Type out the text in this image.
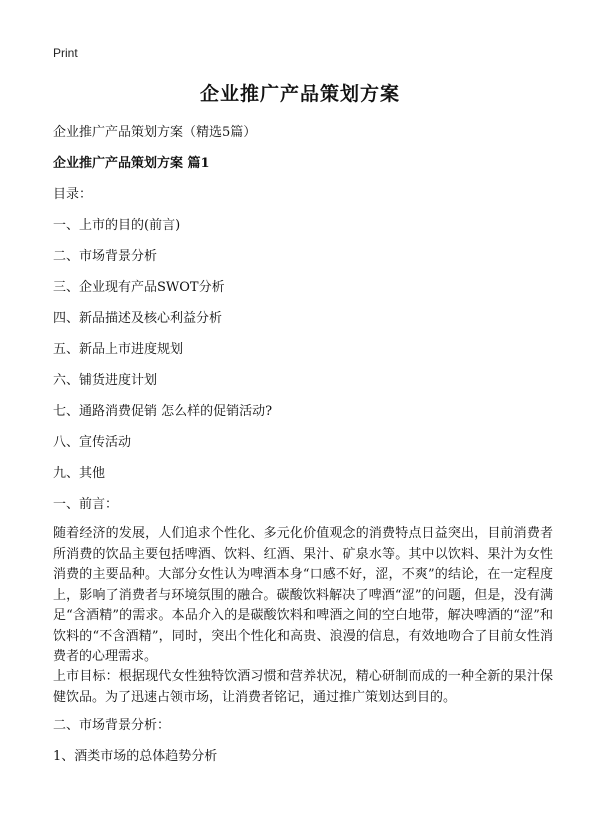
Print
企业推广产品策划方案
企业推广产品策划方案（精选5篇）
企业推广产品策划方案 篇1
目录：
一、上市的目的(前言)
二、市场背景分析
三、企业现有产品SWOT分析
四、新品描述及核心利益分析
五、新品上市进度规划
六、铺货进度计划
七、通路消费促销 怎么样的促销活动?
八、宣传活动
九、其他
一、前言：
随着经济的发展，人们追求个性化、多元化价值观念的消费特点日益突出，目前消费者所消费的饮品主要包括啤酒、饮料、红酒、果汁、矿泉水等。其中以饮料、果汁为女性消费的主要品种。大部分女性认为啤酒本身“口感不好，涩，不爽”的结论，在一定程度上，影响了消费者与环境氛围的融合。碳酸饮料解决了啤酒“涩”的问题，但是，没有满足“含酒精”的需求。本品介入的是碳酸饮料和啤酒之间的空白地带，解决啤酒的“涩”和饮料的“不含酒精”，同时，突出个性化和高贵、浪漫的信息，有效地吻合了目前女性消费者的心理需求。
上市目标：根据现代女性独特饮酒习惯和营养状况，精心研制而成的一种全新的果汁保健饮品。为了迅速占领市场，让消费者铭记，通过推广策划达到目的。
二、市场背景分析：
1、酒类市场的总体趋势分析
